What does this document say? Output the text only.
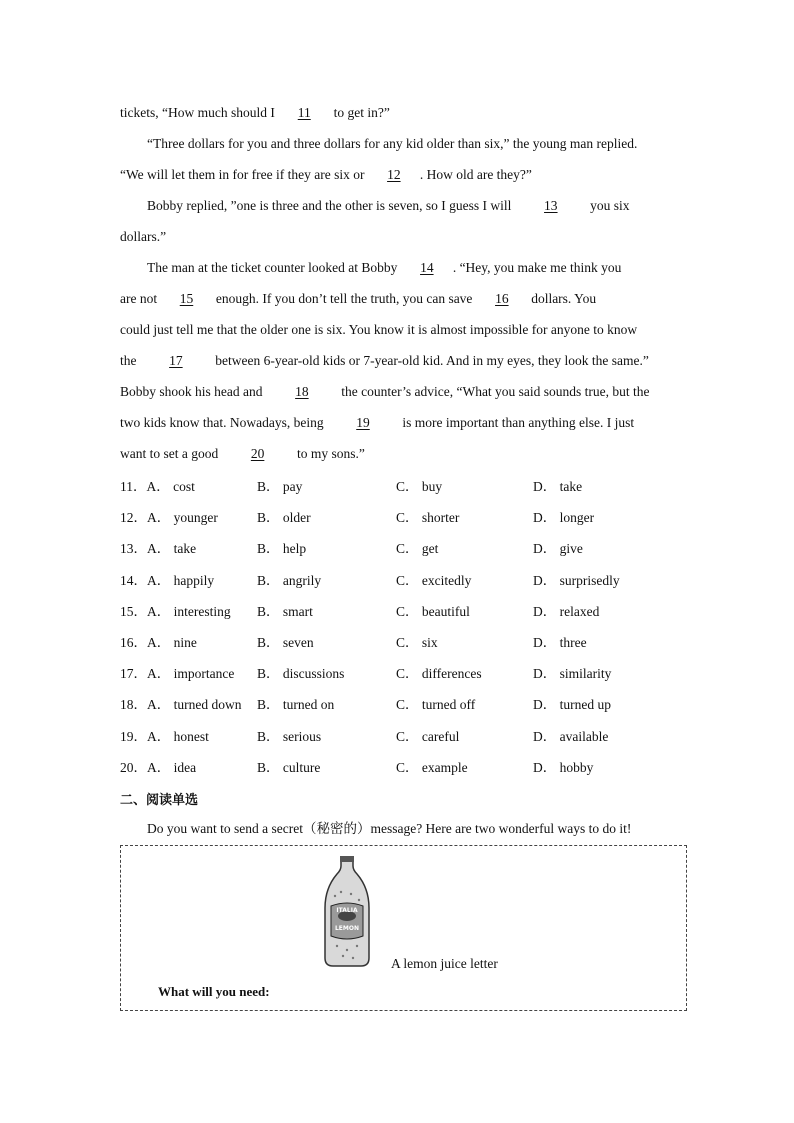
tickets, “How much should I 11 to get in?”
“Three dollars for you and three dollars for any kid older than six,” the young man replied.
“We will let them in for free if they are six or 12 . How old are they?”
Bobby replied, ”one is three and the other is seven, so I guess I will 13 you six
dollars.”
The man at the ticket counter looked at Bobby 14 . “Hey, you make me think you
are not 15 enough. If you don’t tell the truth, you can save 16 dollars. You
could just tell me that the older one is six. You know it is almost impossible for anyone to know
the 17 between 6-year-old kids or 7-year-old kid. And in my eyes, they look the same.”
Bobby shook his head and 18 the counter’s advice, “What you said sounds true, but the
two kids know that. Nowadays, being 19 is more important than anything else. I just
want to set a good 20 to my sons.”
11．A． cost	B． pay	C． buy	D． take
12．A． younger	B． older	C． shorter	D． longer
13．A． take	B． help	C． get	D． give
14．A． happily	B． angrily	C． excitedly	D． surprisedly
15．A． interesting B． smart	C． beautiful	D． relaxed
16．A． nine	B． seven	C． six	D． three
17．A． importance B． discussions	C． differences	D． similarity
18．A． turned down B． turned on	C． turned off	D． turned up
19．A． honest	B． serious	C． careful	D． available
20．A． idea	B． culture	C． example	D． hobby
二、阅读单选
Do you want to send a secret（秘密的）message? Here are two wonderful ways to do it!
ITALIA
LEMON
A lemon juice letter
What will you need:
